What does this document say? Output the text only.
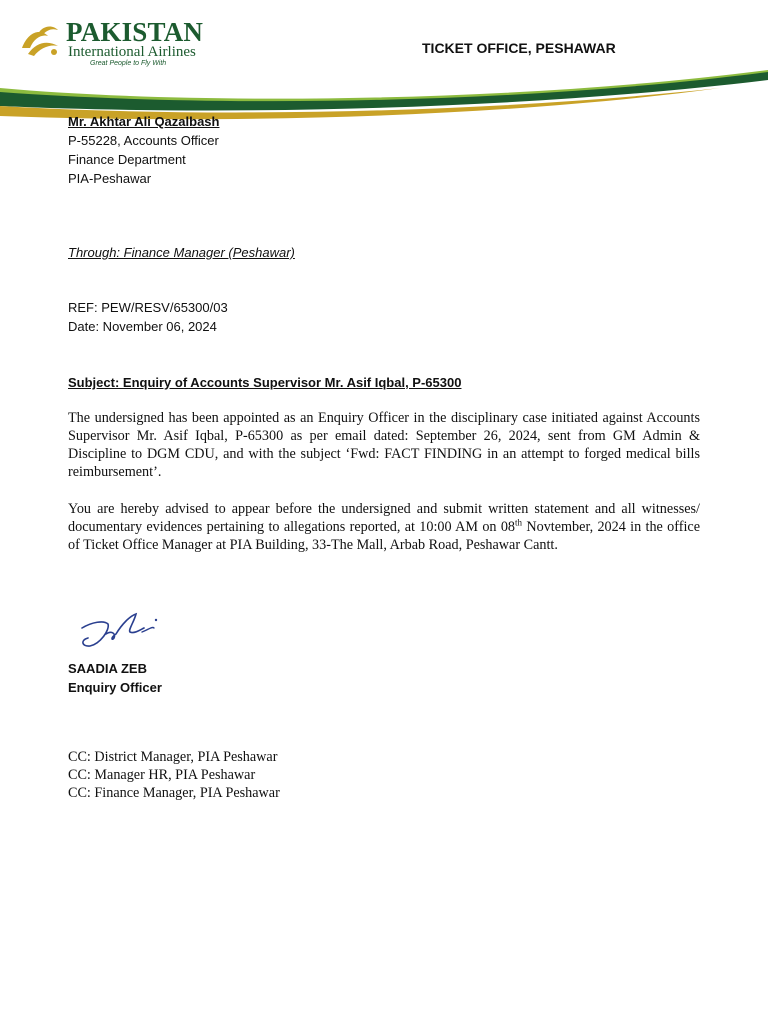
PAKISTAN
International Airlines
Great People to Fly With
TICKET OFFICE, PESHAWAR
Mr. Akhtar Ali Qazalbash
P-55228, Accounts Officer
Finance Department
PIA-Peshawar
Through: Finance Manager (Peshawar)
REF: PEW/RESV/65300/03
Date: November 06, 2024
Subject: Enquiry of Accounts Supervisor Mr. Asif Iqbal, P-65300

The undersigned has been appointed as an Enquiry Officer in the disciplinary case initiated against Accounts Supervisor Mr. Asif Iqbal, P-65300 as per email dated: September 26, 2024, sent from GM Admin & Discipline to DGM CDU, and with the subject ‘Fwd: FACT FINDING in an attempt to forged medical bills reimbursement’.

You are hereby advised to appear before the undersigned and submit written statement and all witnesses/ documentary evidences pertaining to allegations reported, at 10:00 AM on 08th Novtember, 2024 in the office of Ticket Office Manager at PIA Building, 33-The Mall, Arbab Road, Peshawar Cantt.

SAADIA ZEB
Enquiry Officer
CC: District Manager, PIA Peshawar
CC: Manager HR, PIA Peshawar
CC: Finance Manager, PIA Peshawar
